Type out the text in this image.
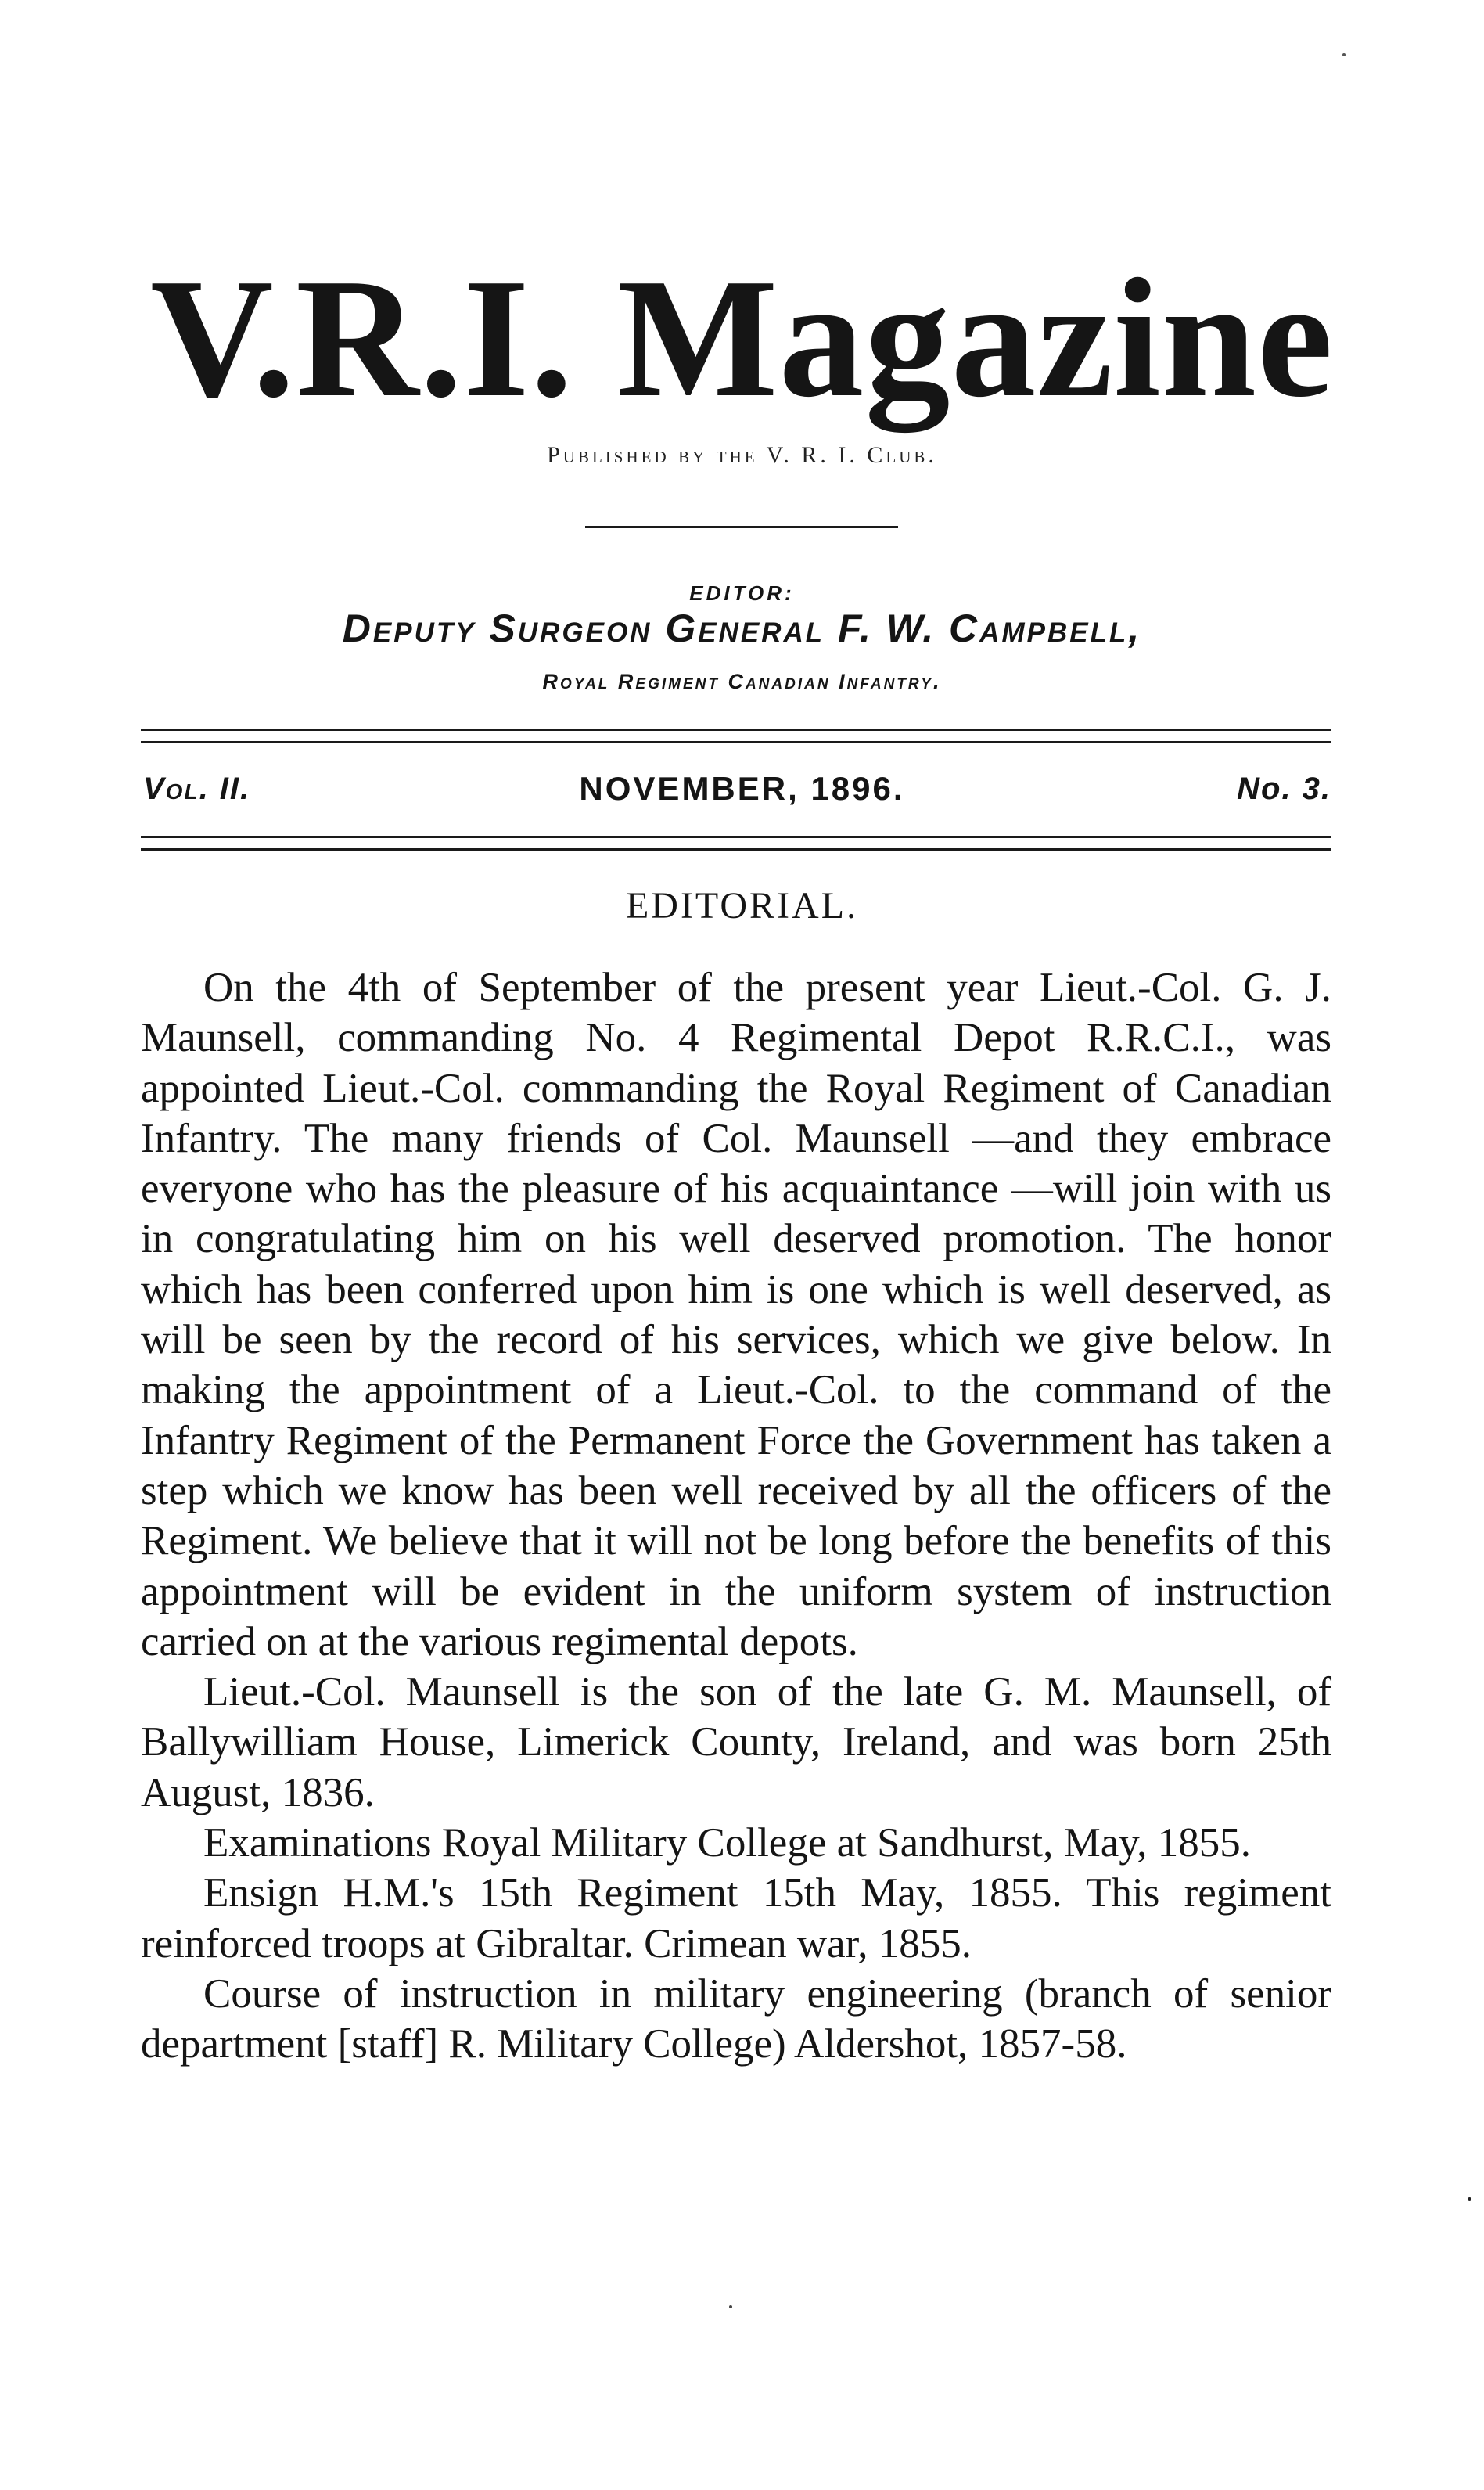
V.R.I. Magazine
Published by the V. R. I. Club.
EDITOR:
Deputy Surgeon General F. W. Campbell,
Royal Regiment Canadian Infantry.
Vol. II.	NOVEMBER, 1896.	No. 3.
EDITORIAL.

On the 4th of September of the present year Lieut.-Col. G. J. Maunsell, commanding No. 4 Regimental Depot R.R.C.I., was appointed Lieut.-Col. commanding the Royal Regiment of Canadian Infantry. The many friends of Col. Maunsell —and they embrace everyone who has the pleasure of his acquaintance —will join with us in congratulating him on his well deserved promotion. The honor which has been conferred upon him is one which is well deserved, as will be seen by the record of his services, which we give below. In making the appointment of a Lieut.-Col. to the command of the Infantry Regiment of the Permanent Force the Government has taken a step which we know has been well received by all the officers of the Regiment. We believe that it will not be long before the benefits of this appointment will be evident in the uniform system of instruction carried on at the various regimental depots.

Lieut.-Col. Maunsell is the son of the late G. M. Maunsell, of Ballywilliam House, Limerick County, Ireland, and was born 25th August, 1836.

Examinations Royal Military College at Sandhurst, May, 1855.

Ensign H.M.'s 15th Regiment 15th May, 1855. This regiment reinforced troops at Gibraltar. Crimean war, 1855.

Course of instruction in military engineering (branch of senior department [staff] R. Military College) Aldershot, 1857-58.
